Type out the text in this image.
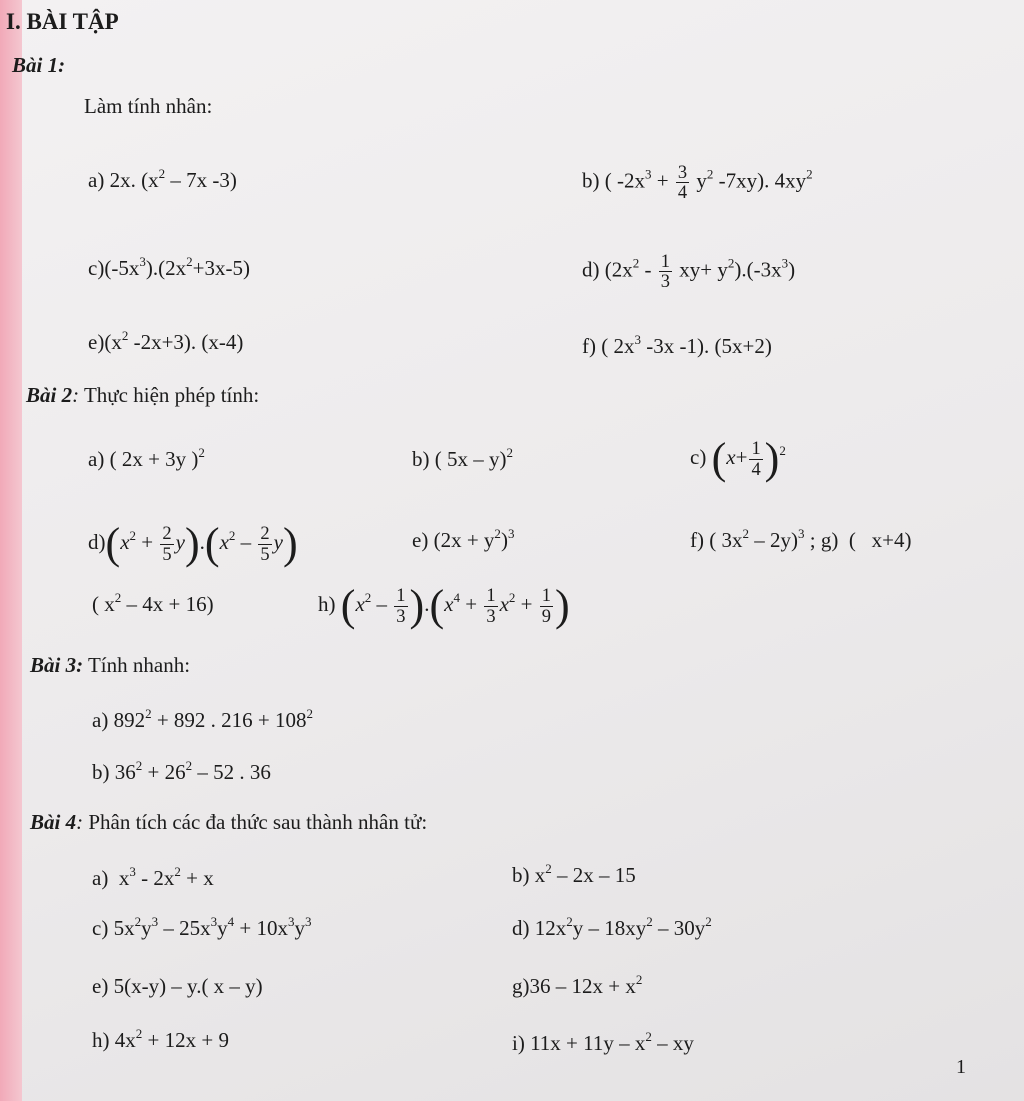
I. BÀI TẬP
Bài 1:
Làm tính nhân:
a) 2x. ($x^2 - 7x$ -3)	b) ( $-2x^3 + \frac{3}{4} y^2$ -7xy). $4xy^2$
$c)(-5x^3).(2x^2+3x-5)$	d) $(2x^2 - \frac{1}{3} xy+ y^2).(-3x^3)$
$e)(x^2$ -2x+3). (x-4)	f) ( $2x^3$ -3x -1). (5x+2)
Bài 2: Thực hiện phép tính:
a) ( 2x + 3y )$^2$	b) ( 5x – y)$^2$	c) $(x+ \frac{1}{4} )^2$
$d)(x^2 + \frac{2}{5} y).(x^2 - \frac{2}{5} y)$	e) $(2x + y^2)^3$	f) ( $3x^2 - 2y)^3$ ; g)  (   x+4)
( $x^2 - 4x + 16$)	h) $(x^2 - \frac{1}{3} ).(x^4 + \frac{1}{3} x^2 + \frac{1}{9}$ )
Bài 3: Tính nhanh:
a) $892^2 + 892$ . $216 + 108^2$
b) $36^2 + 26^2 - 52$ . 36
Bài 4: Phân tích các đa thức sau thành nhân tử:
a)  $x^3 - 2x^2 + x$	b) $x^2 - 2x - 15$
c) $5x^2y^3 - 25x^3y^4 + 10x^3y^3$	d) $12x^2y - 18xy^2 - 30y^2$
e) 5(x-y) – y.( x – y)	$g)36 - 12x + x^2$
h) $4x^2 + 12x + 9$	i) $11x + 11y - x^2$ – xy
1
